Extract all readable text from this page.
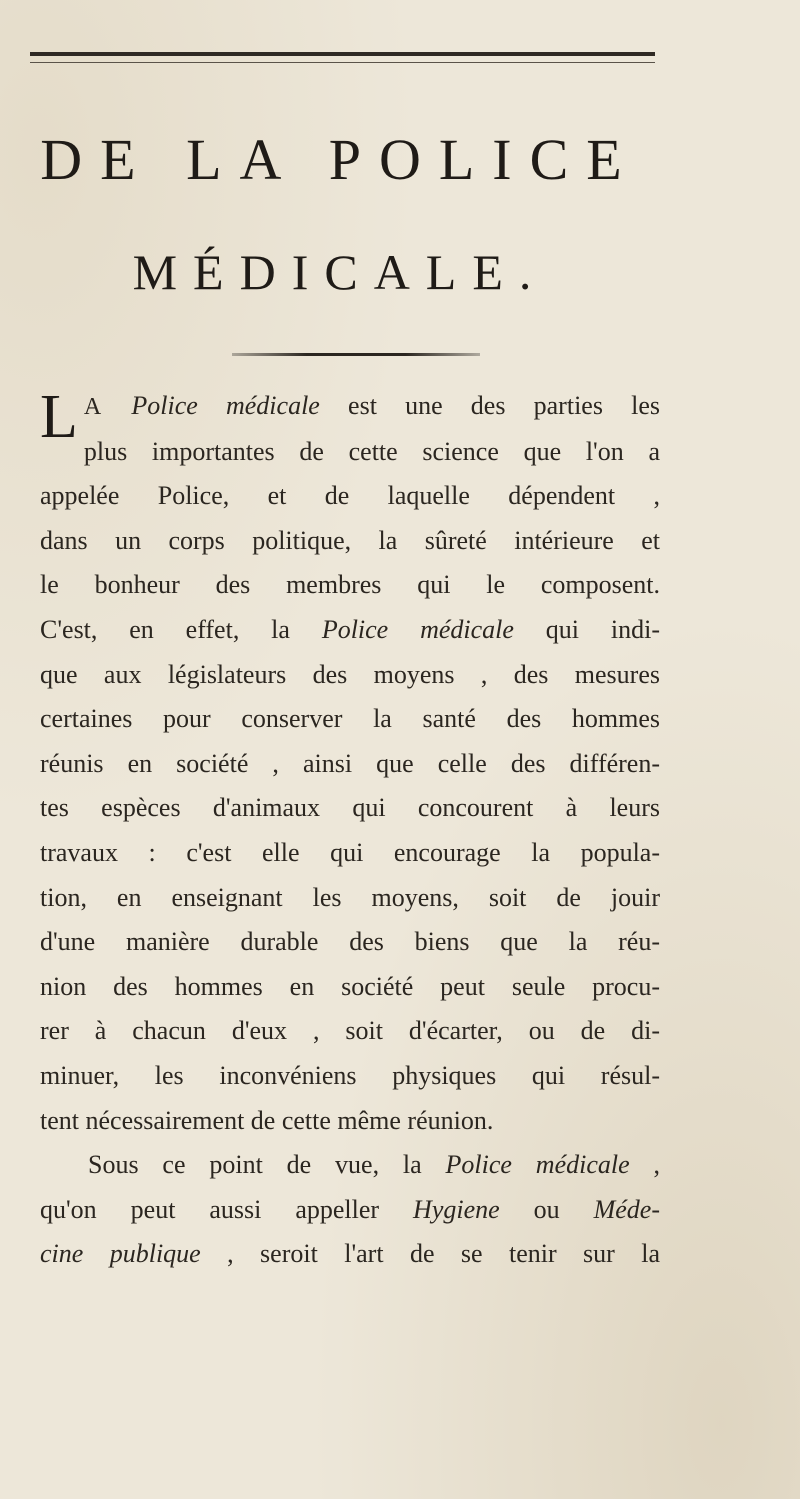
DE LA POLICE
MÉDICALE.

L A Police médicale est une des parties les
plus importantes de cette science que l'on a
appelée Police, et de laquelle dépendent ,
dans un corps politique, la sûreté intérieure et
le bonheur des membres qui le composent.
C'est, en effet, la Police médicale qui indi-
que aux législateurs des moyens , des mesures
certaines pour conserver la santé des hommes
réunis en société , ainsi que celle des différen-
tes espèces d'animaux qui concourent à leurs
travaux : c'est elle qui encourage la popula-
tion, en enseignant les moyens, soit de jouir
d'une manière durable des biens que la réu-
nion des hommes en société peut seule procu-
rer à chacun d'eux , soit d'écarter, ou de di-
minuer, les inconvéniens physiques qui résul-
tent nécessairement de cette même réunion.

Sous ce point de vue, la Police médicale ,
qu'on peut aussi appeller Hygiene ou Méde-
cine publique , seroit l'art de se tenir sur la
